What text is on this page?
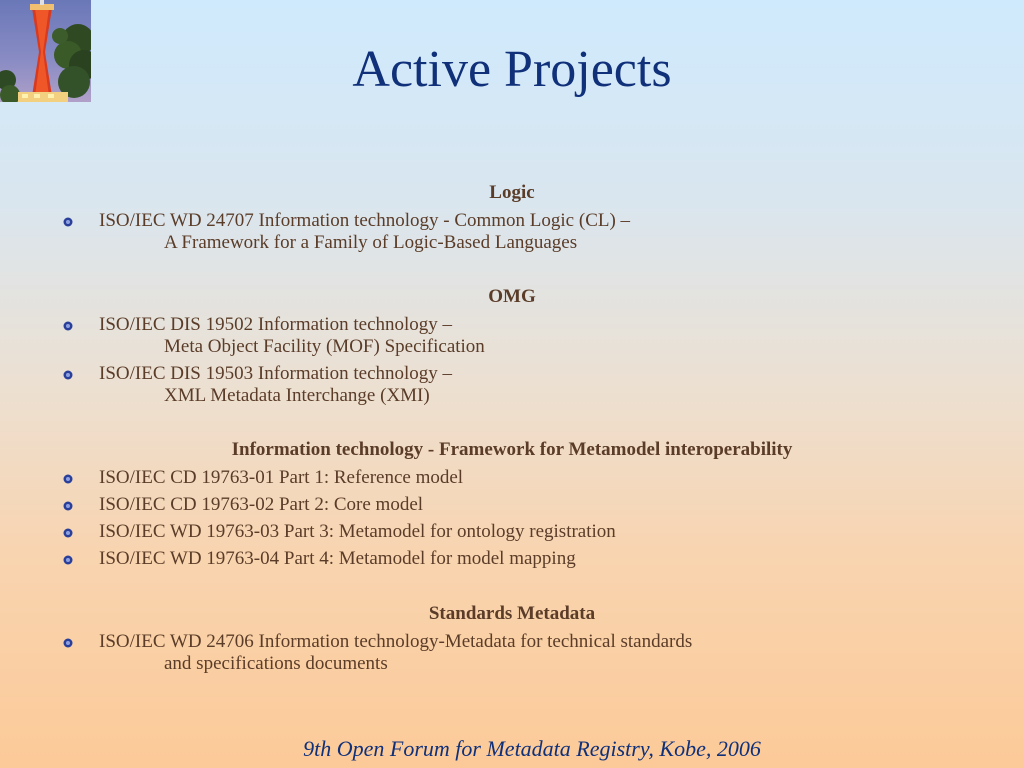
Active Projects
Logic
ISO/IEC WD 24707 Information technology - Common Logic (CL) –
A Framework for a Family of Logic-Based Languages
OMG
ISO/IEC DIS 19502 Information technology –
Meta Object Facility (MOF) Specification
ISO/IEC DIS 19503 Information technology –
XML Metadata Interchange (XMI)
Information technology - Framework for Metamodel interoperability
ISO/IEC CD 19763-01 Part 1: Reference model
ISO/IEC CD 19763-02 Part 2: Core model
ISO/IEC WD 19763-03 Part 3: Metamodel for ontology registration
ISO/IEC WD 19763-04 Part 4: Metamodel for model mapping
Standards Metadata
ISO/IEC WD 24706 Information technology-Metadata for technical standards
and specifications documents
9th Open Forum for Metadata Registry, Kobe, 2006
